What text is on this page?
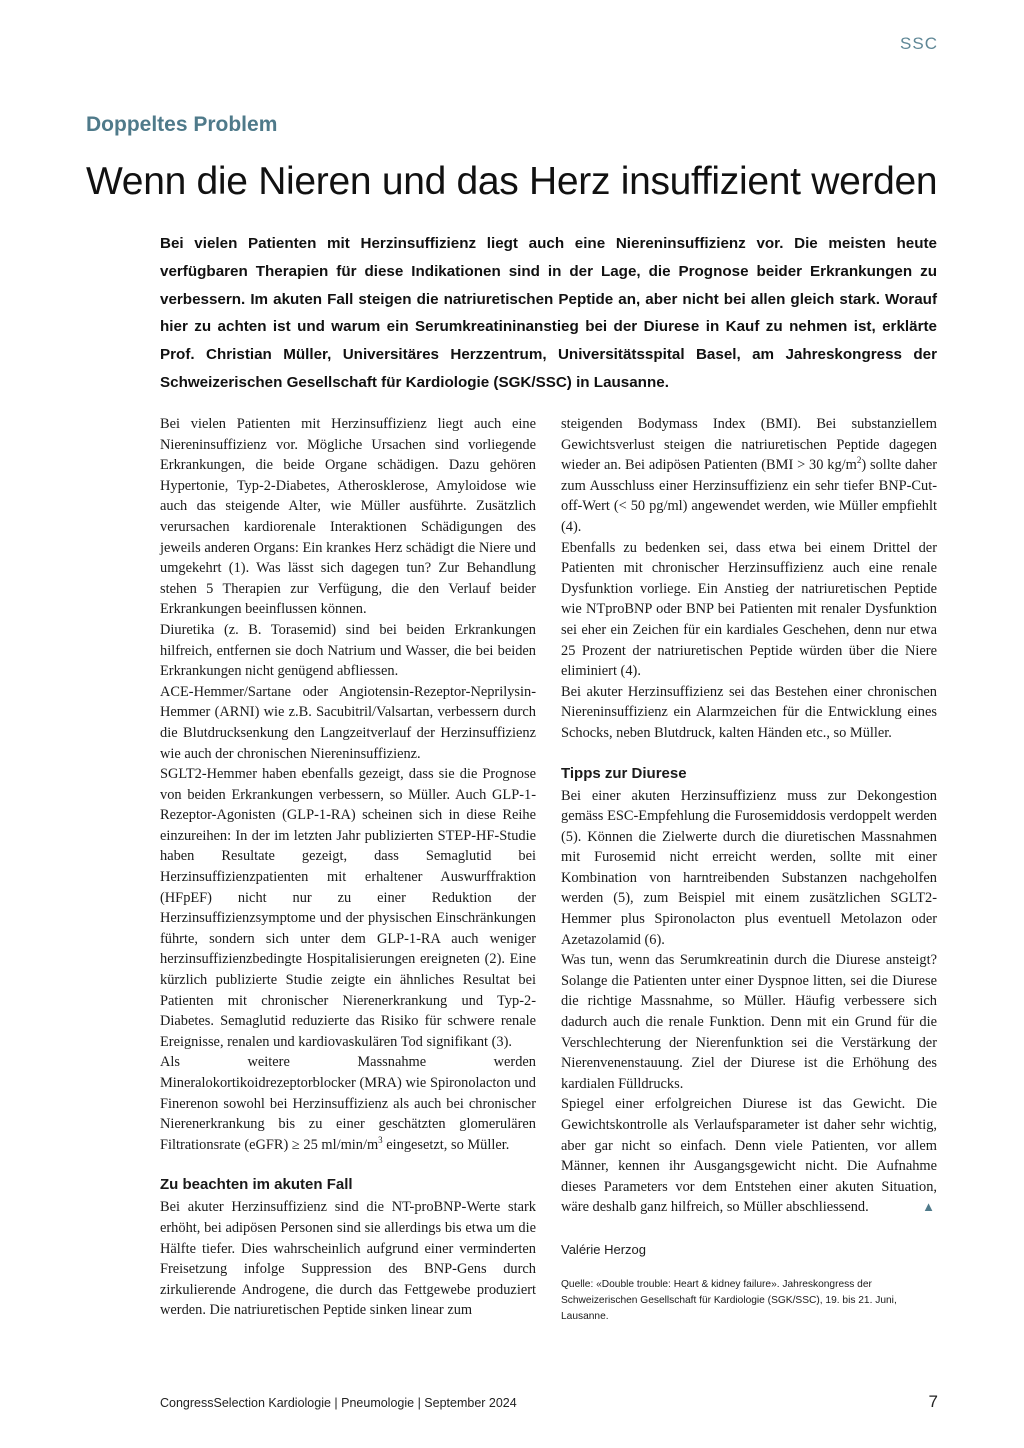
SSC
Doppeltes Problem
Wenn die Nieren und das Herz insuffizient werden

Bei vielen Patienten mit Herzinsuffizienz liegt auch eine Niereninsuffizienz vor. Die meisten heute verfügbaren Therapien für diese Indikationen sind in der Lage, die Prognose beider Erkrankungen zu verbessern. Im akuten Fall steigen die natriuretischen Peptide an, aber nicht bei allen gleich stark. Worauf hier zu achten ist und warum ein Serumkreatininanstieg bei der Diurese in Kauf zu nehmen ist, erklärte Prof. Christian Müller, Universitäres Herzzentrum, Universitätsspital Basel, am Jahreskongress der Schweizerischen Gesellschaft für Kardiologie (SGK/SSC) in Lausanne.

Bei vielen Patienten mit Herzinsuffizienz liegt auch eine Niereninsuffizienz vor. Mögliche Ursachen sind vorliegende Erkrankungen, die beide Organe schädigen. Dazu gehören Hypertonie, Typ-2-Diabetes, Atherosklerose, Amyloidose wie auch das steigende Alter, wie Müller ausführte. Zusätzlich verursachen kardiorenale Interaktionen Schädigungen des jeweils anderen Organs: Ein krankes Herz schädigt die Niere und umgekehrt (1). Was lässt sich dagegen tun? Zur Behandlung stehen 5 Therapien zur Verfügung, die den Verlauf beider Erkrankungen beeinflussen können.

Diuretika (z. B. Torasemid) sind bei beiden Erkrankungen hilfreich, entfernen sie doch Natrium und Wasser, die bei beiden Erkrankungen nicht genügend abfliessen.

ACE-Hemmer/Sartane oder Angiotensin-Rezeptor-Neprilysin-Hemmer (ARNI) wie z.B. Sacubitril/Valsartan, verbessern durch die Blutdrucksenkung den Langzeitverlauf der Herzinsuffizienz wie auch der chronischen Niereninsuffizienz.

SGLT2-Hemmer haben ebenfalls gezeigt, dass sie die Prognose von beiden Erkrankungen verbessern, so Müller. Auch GLP-1-Rezeptor-Agonisten (GLP-1-RA) scheinen sich in diese Reihe einzureihen: In der im letzten Jahr publizierten STEP-HF-Studie haben Resultate gezeigt, dass Semaglutid bei Herzinsuffizienzpatienten mit erhaltener Auswurffraktion (HFpEF) nicht nur zu einer Reduktion der Herzinsuffizienzsymptome und der physischen Einschränkungen führte, sondern sich unter dem GLP-1-RA auch weniger herzinsuffizienzbedingte Hospitalisierungen ereigneten (2). Eine kürzlich publizierte Studie zeigte ein ähnliches Resultat bei Patienten mit chronischer Nierenerkrankung und Typ-2-Diabetes. Semaglutid reduzierte das Risiko für schwere renale Ereignisse, renalen und kardiovaskulären Tod signifikant (3).

Als weitere Massnahme werden Mineralokortikoidrezeptorblocker (MRA) wie Spironolacton und Finerenon sowohl bei Herzinsuffizienz als auch bei chronischer Nierenerkrankung bis zu einer geschätzten glomerulären Filtrationsrate (eGFR) ≥ 25 $ml/\min/m^3$ eingesetzt, so Müller.

Zu beachten im akuten Fall

Bei akuter Herzinsuffizienz sind die NT-proBNP-Werte stark erhöht, bei adipösen Personen sind sie allerdings bis etwa um die Hälfte tiefer. Dies wahrscheinlich aufgrund einer verminderten Freisetzung infolge Suppression des BNP-Gens durch zirkulierende Androgene, die durch das Fettgewebe produziert werden. Die natriuretischen Peptide sinken linear zum

steigenden Bodymass Index (BMI). Bei substanziellem Gewichtsverlust steigen die natriuretischen Peptide dagegen wieder an. Bei adipösen Patienten (BMI > 30 $kg/m^2$) sollte daher zum Ausschluss einer Herzinsuffizienz ein sehr tiefer BNP-Cut-off-Wert (< 50 pg/ml) angewendet werden, wie Müller empfiehlt (4).

Ebenfalls zu bedenken sei, dass etwa bei einem Drittel der Patienten mit chronischer Herzinsuffizienz auch eine renale Dysfunktion vorliege. Ein Anstieg der natriuretischen Peptide wie NTproBNP oder BNP bei Patienten mit renaler Dysfunktion sei eher ein Zeichen für ein kardiales Geschehen, denn nur etwa 25 Prozent der natriuretischen Peptide würden über die Niere eliminiert (4).

Bei akuter Herzinsuffizienz sei das Bestehen einer chronischen Niereninsuffizienz ein Alarmzeichen für die Entwicklung eines Schocks, neben Blutdruck, kalten Händen etc., so Müller.

Tipps zur Diurese

Bei einer akuten Herzinsuffizienz muss zur Dekongestion gemäss ESC-Empfehlung die Furosemiddosis verdoppelt werden (5). Können die Zielwerte durch die diuretischen Massnahmen mit Furosemid nicht erreicht werden, sollte mit einer Kombination von harntreibenden Substanzen nachgeholfen werden (5), zum Beispiel mit einem zusätzlichen SGLT2-Hemmer plus Spironolacton plus eventuell Metolazon oder Azetazolamid (6).

Was tun, wenn das Serumkreatinin durch die Diurese ansteigt? Solange die Patienten unter einer Dyspnoe litten, sei die Diurese die richtige Massnahme, so Müller. Häufig verbessere sich dadurch auch die renale Funktion. Denn mit ein Grund für die Verschlechterung der Nierenfunktion sei die Verstärkung der Nierenvenenstauung. Ziel der Diurese ist die Erhöhung des kardialen Fülldrucks.

Spiegel einer erfolgreichen Diurese ist das Gewicht. Die Gewichtskontrolle als Verlaufsparameter ist daher sehr wichtig, aber gar nicht so einfach. Denn viele Patienten, vor allem Männer, kennen ihr Ausgangsgewicht nicht. Die Aufnahme dieses Parameters vor dem Entstehen einer akuten Situation, wäre deshalb ganz hilfreich, so Müller abschliessend.	▲

Valérie Herzog

Quelle: «Double trouble: Heart & kidney failure». Jahreskongress der Schweizerischen Gesellschaft für Kardiologie (SGK/SSC), 19. bis 21. Juni, Lausanne.

CongressSelection Kardiologie | Pneumologie | September 2024	7
